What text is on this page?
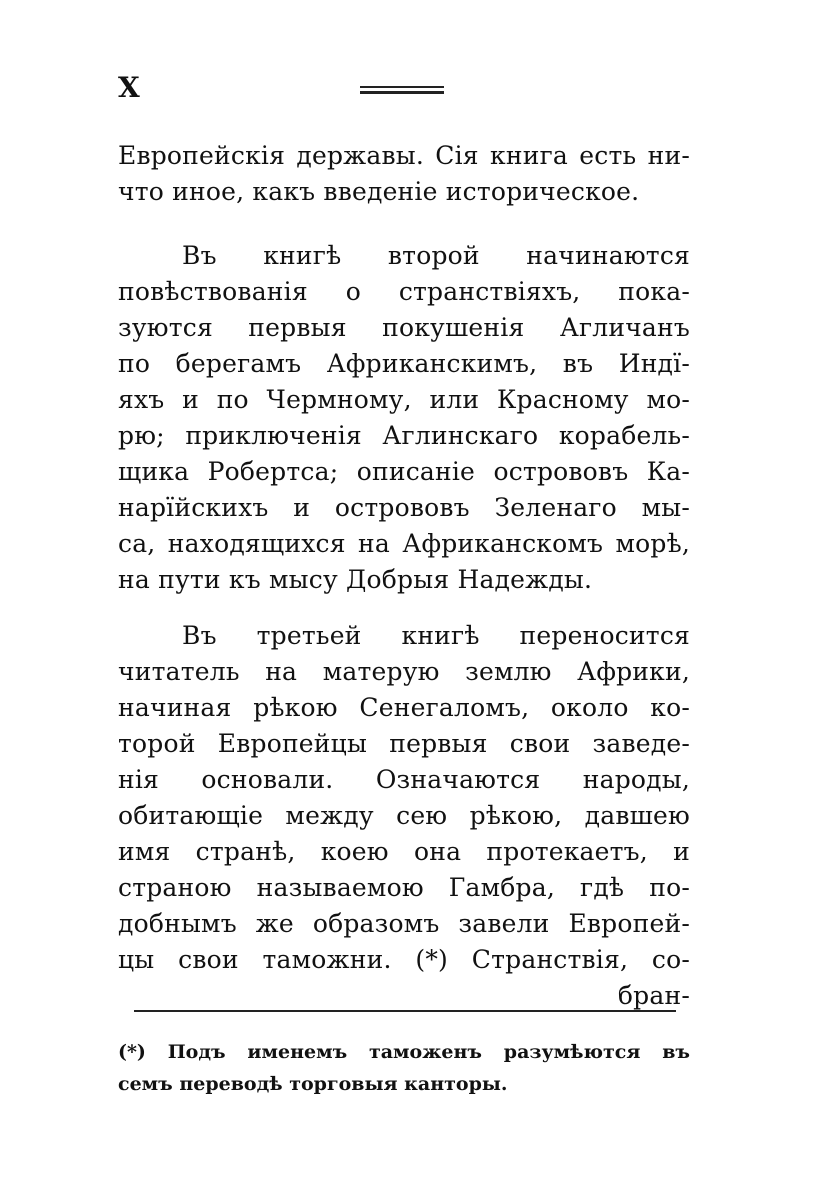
X
Европейскія державы. Сія книга есть ни-
что иное, какъ введеніе историческое.
Въ книгѣ второй начинаются
повѣствованія о странствіяхъ, пока-
зуются первыя покушенія Агличанъ
по берегамъ Африканскимъ, въ Индї-
яхъ и по Чермному, или Красному мо-
рю; приключенія Аглинскаго корабель-
щика Робертса; описаніе острововъ Ка-
нарїйскихъ и острововъ Зеленаго мы-
са, находящихся на Африканскомъ морѣ,
на пути къ мысу Добрыя Надежды.
Въ третьей книгѣ переносится
читатель на матерую землю Африки,
начиная рѣкою Сенегаломъ, около ко-
торой Европейцы первыя свои заведе-
нія основали. Означаются народы,
обитающіе между сею рѣкою, давшею
имя странѣ, коею она протекаетъ, и
страною называемою Гамбра, гдѣ по-
добнымъ же образомъ завели Европей-
цы свои таможни. (*) Странствія, со-
бран-
(*) Подъ именемъ таможенъ разумѣются въ
семъ переводѣ торговыя канторы.
